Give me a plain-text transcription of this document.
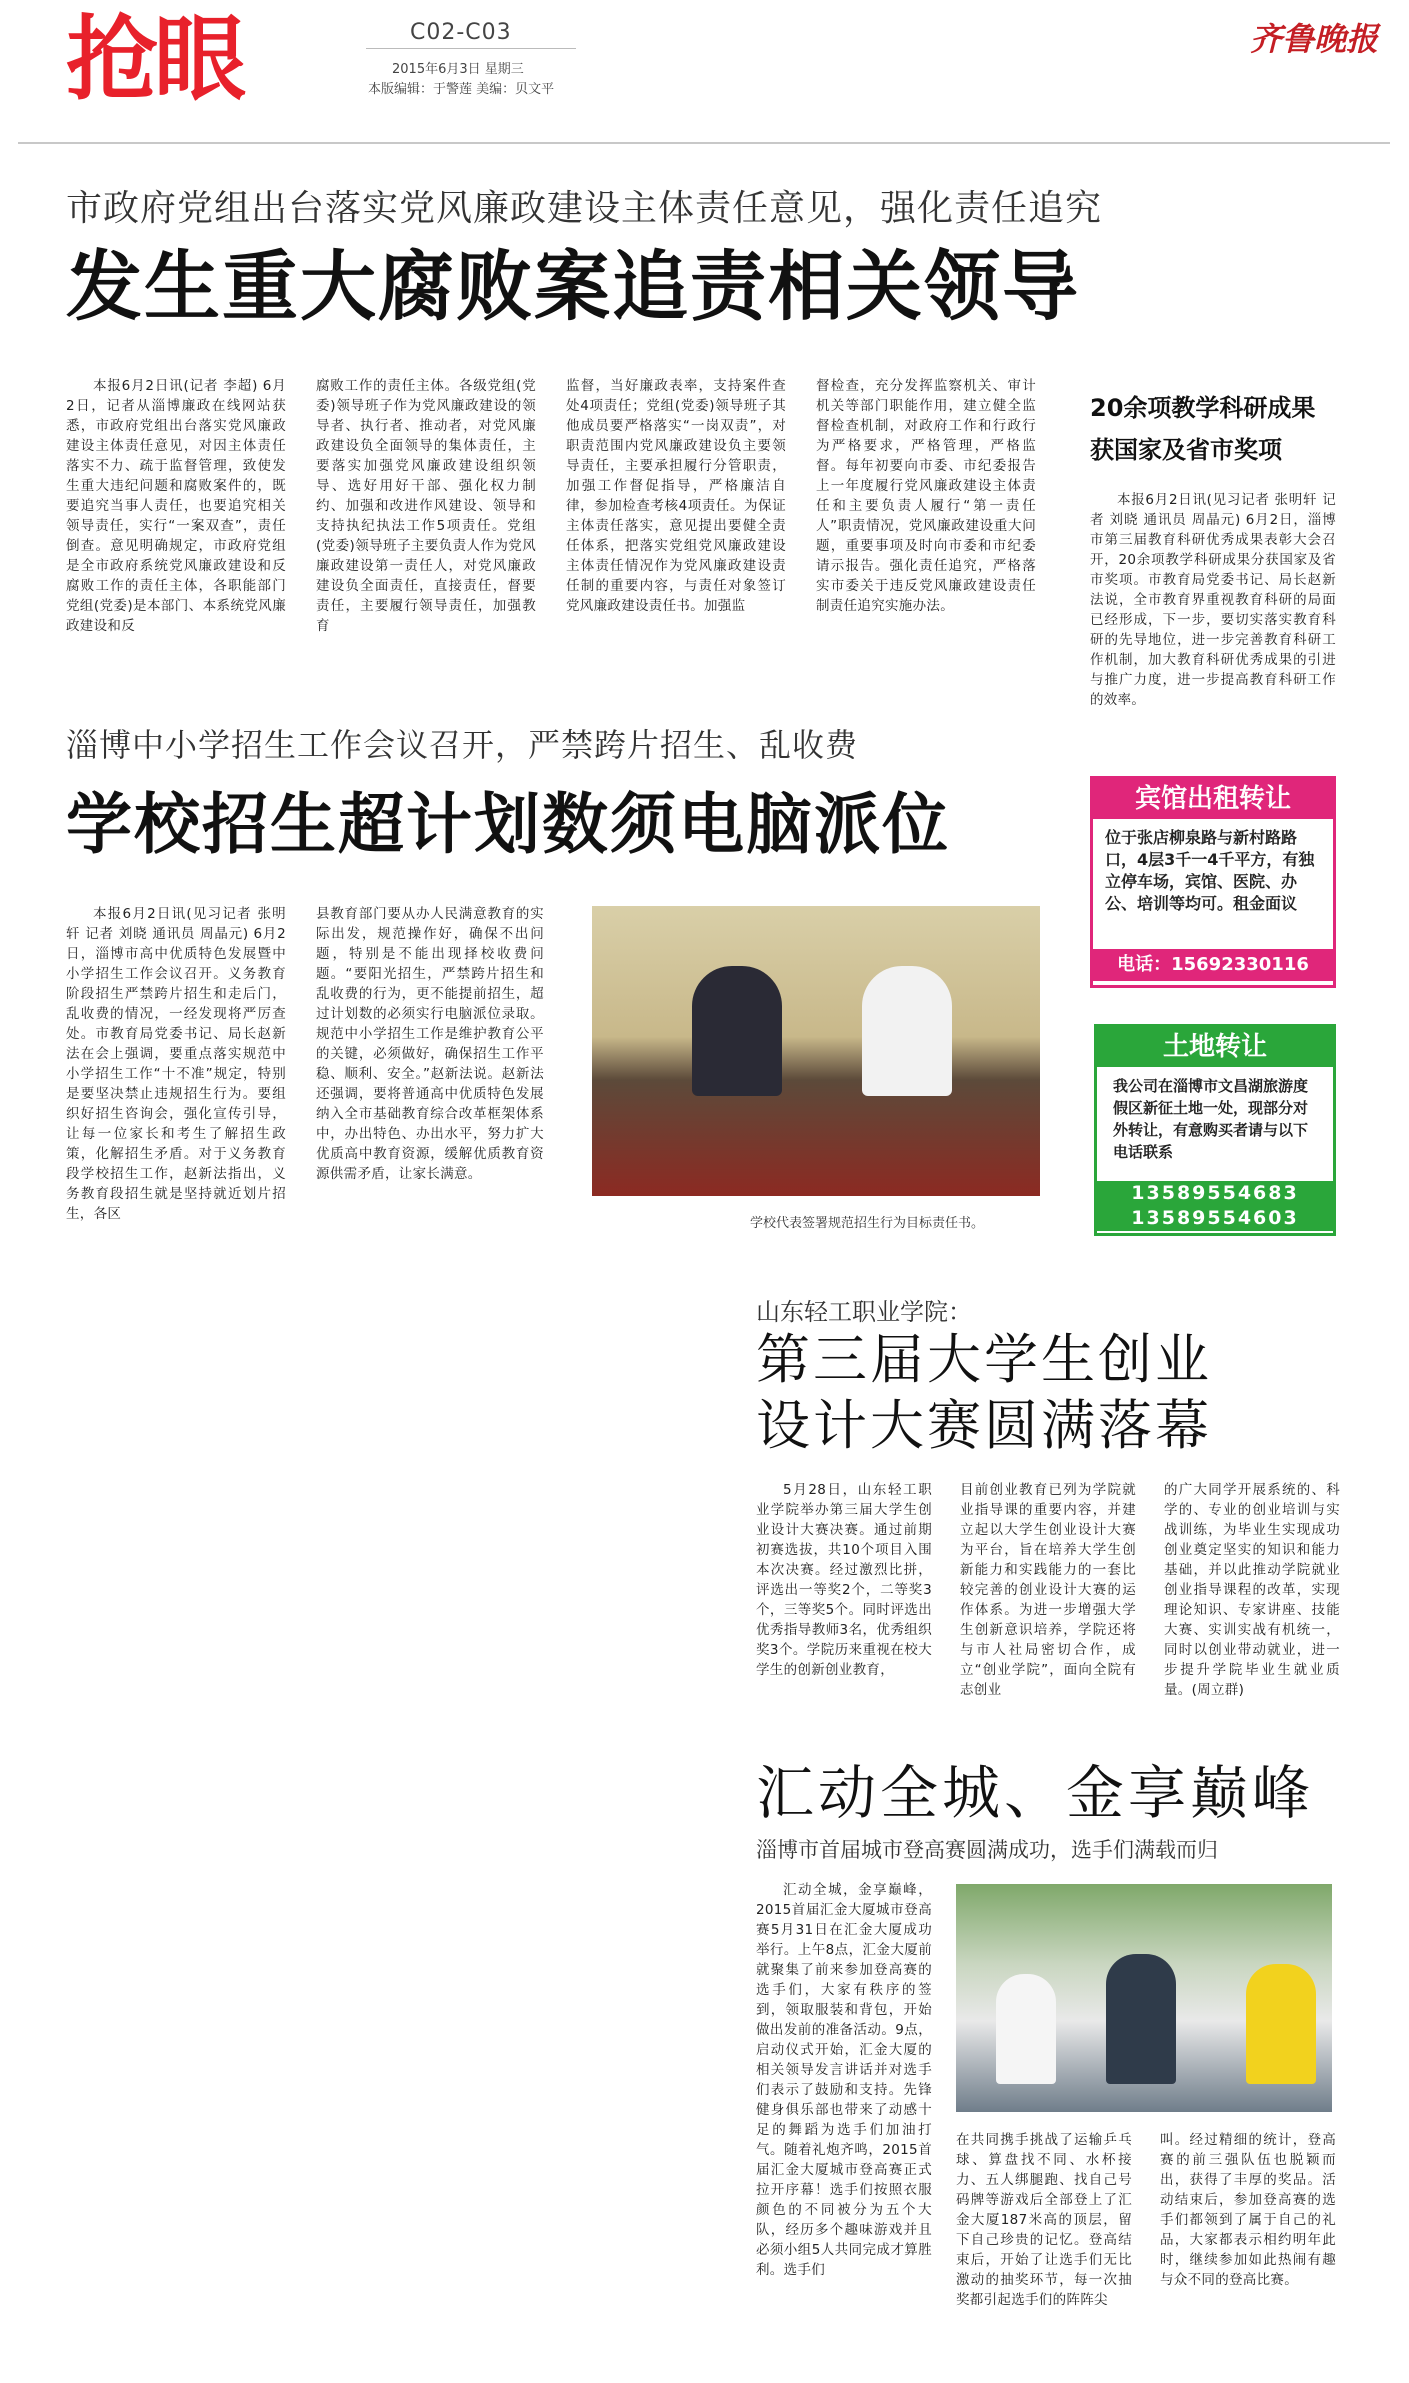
抢眼	C02-C03
2015年6月3日 星期三
本版编辑：于警莲 美编：贝文平
齐鲁晚报
市政府党组出台落实党风廉政建设主体责任意见，强化责任追究
发生重大腐败案追责相关领导

本报6月2日讯(记者 李超) 6月2日，记者从淄博廉政在线网站获悉，市政府党组出台落实党风廉政建设主体责任意见，对因主体责任落实不力、疏于监督管理，致使发生重大违纪问题和腐败案件的，既要追究当事人责任，也要追究相关领导责任，实行“一案双查”，责任倒查。意见明确规定，市政府党组是全市政府系统党风廉政建设和反腐败工作的责任主体，各职能部门党组(党委)是本部门、本系统党风廉政建设和反

腐败工作的责任主体。各级党组(党委)领导班子作为党风廉政建设的领导者、执行者、推动者，对党风廉政建设负全面领导的集体责任，主要落实加强党风廉政建设组织领导、选好用好干部、强化权力制约、加强和改进作风建设、领导和支持执纪执法工作5项责任。党组(党委)领导班子主要负责人作为党风廉政建设第一责任人，对党风廉政建设负全面责任，直接责任，督要责任，主要履行领导责任，加强教育

监督，当好廉政表率，支持案件查处4项责任；党组(党委)领导班子其他成员要严格落实“一岗双责”，对职责范围内党风廉政建设负主要领导责任，主要承担履行分管职责，加强工作督促指导，严格廉洁自律，参加检查考核4项责任。为保证主体责任落实，意见提出要健全责任体系，把落实党组党风廉政建设主体责任情况作为党风廉政建设责任制的重要内容，与责任对象签订党风廉政建设责任书。加强监

督检查，充分发挥监察机关、审计机关等部门职能作用，建立健全监督检查机制，对政府工作和行政行为严格要求，严格管理，严格监督。每年初要向市委、市纪委报告上一年度履行党风廉政建设主体责任和主要负责人履行“第一责任人”职责情况，党风廉政建设重大问题，重要事项及时向市委和市纪委请示报告。强化责任追究，严格落实市委关于违反党风廉政建设责任制责任追究实施办法。

20余项教学科研成果
获国家及省市奖项

本报6月2日讯(见习记者 张明轩 记者 刘晓 通讯员 周晶元) 6月2日，淄博市第三届教育科研优秀成果表彰大会召开，20余项教学科研成果分获国家及省市奖项。市教育局党委书记、局长赵新法说，全市教育界重视教育科研的局面已经形成，下一步，要切实落实教育科研的先导地位，进一步完善教育科研工作机制，加大教育科研优秀成果的引进与推广力度，进一步提高教育科研工作的效率。

淄博中小学招生工作会议召开，严禁跨片招生、乱收费
学校招生超计划数须电脑派位

本报6月2日讯(见习记者 张明轩 记者 刘晓 通讯员 周晶元) 6月2日，淄博市高中优质特色发展暨中小学招生工作会议召开。义务教育阶段招生严禁跨片招生和走后门，乱收费的情况，一经发现将严厉查处。市教育局党委书记、局长赵新法在会上强调，要重点落实规范中小学招生工作“十不准”规定，特别是要坚决禁止违规招生行为。要组织好招生咨询会，强化宣传引导，让每一位家长和考生了解招生政策，化解招生矛盾。对于义务教育段学校招生工作，赵新法指出，义务教育段招生就是坚持就近划片招生，各区

县教育部门要从办人民满意教育的实际出发，规范操作好，确保不出问题，特别是不能出现择校收费问题。“要阳光招生，严禁跨片招生和乱收费的行为，更不能提前招生，超过计划数的必须实行电脑派位录取。规范中小学招生工作是维护教育公平的关键，必须做好，确保招生工作平稳、顺利、安全。”赵新法说。赵新法还强调，要将普通高中优质特色发展纳入全市基础教育综合改革框架体系中，办出特色、办出水平，努力扩大优质高中教育资源，缓解优质教育资源供需矛盾，让家长满意。

学校代表签署规范招生行为目标责任书。
宾馆出租转让
位于张店柳泉路与新村路路口，4层3千一4千平方，有独立停车场，宾馆、医院、办公、培训等均可。租金面议
电话：15692330116
土地转让
我公司在淄博市文昌湖旅游度假区新征土地一处，现部分对外转让，有意购买者请与以下电话联系
13589554683
13589554603
山东轻工职业学院：
第三届大学生创业
设计大赛圆满落幕

5月28日，山东轻工职业学院举办第三届大学生创业设计大赛决赛。通过前期初赛选拔，共10个项目入围本次决赛。经过激烈比拼，评选出一等奖2个，二等奖3个，三等奖5个。同时评选出优秀指导教师3名，优秀组织奖3个。学院历来重视在校大学生的创新创业教育，

目前创业教育已列为学院就业指导课的重要内容，并建立起以大学生创业设计大赛为平台，旨在培养大学生创新能力和实践能力的一套比较完善的创业设计大赛的运作体系。为进一步增强大学生创新意识培养，学院还将与市人社局密切合作，成立“创业学院”，面向全院有志创业

的广大同学开展系统的、科学的、专业的创业培训与实战训练，为毕业生实现成功创业奠定坚实的知识和能力基础，并以此推动学院就业创业指导课程的改革，实现理论知识、专家讲座、技能大赛、实训实战有机统一，同时以创业带动就业，进一步提升学院毕业生就业质量。(周立群)

汇动全城、金享巅峰
淄博市首届城市登高赛圆满成功，选手们满载而归

汇动全城，金享巅峰，2015首届汇金大厦城市登高赛5月31日在汇金大厦成功举行。上午8点，汇金大厦前就聚集了前来参加登高赛的选手们，大家有秩序的签到，领取服装和背包，开始做出发前的准备活动。9点，启动仪式开始，汇金大厦的相关领导发言讲话并对选手们表示了鼓励和支持。先锋健身俱乐部也带来了动感十足的舞蹈为选手们加油打气。随着礼炮齐鸣，2015首届汇金大厦城市登高赛正式拉开序幕！选手们按照衣服颜色的不同被分为五个大队，经历多个趣味游戏并且必须小组5人共同完成才算胜利。选手们

在共同携手挑战了运输乒乓球、算盘找不同、水杯接力、五人绑腿跑、找自己号码牌等游戏后全部登上了汇金大厦187米高的顶层，留下自己珍贵的记忆。登高结束后，开始了让选手们无比激动的抽奖环节，每一次抽奖都引起选手们的阵阵尖

叫。经过精细的统计，登高赛的前三强队伍也脱颖而出，获得了丰厚的奖品。活动结束后，参加登高赛的选手们都领到了属于自己的礼品，大家都表示相约明年此时，继续参加如此热闹有趣与众不同的登高比赛。
